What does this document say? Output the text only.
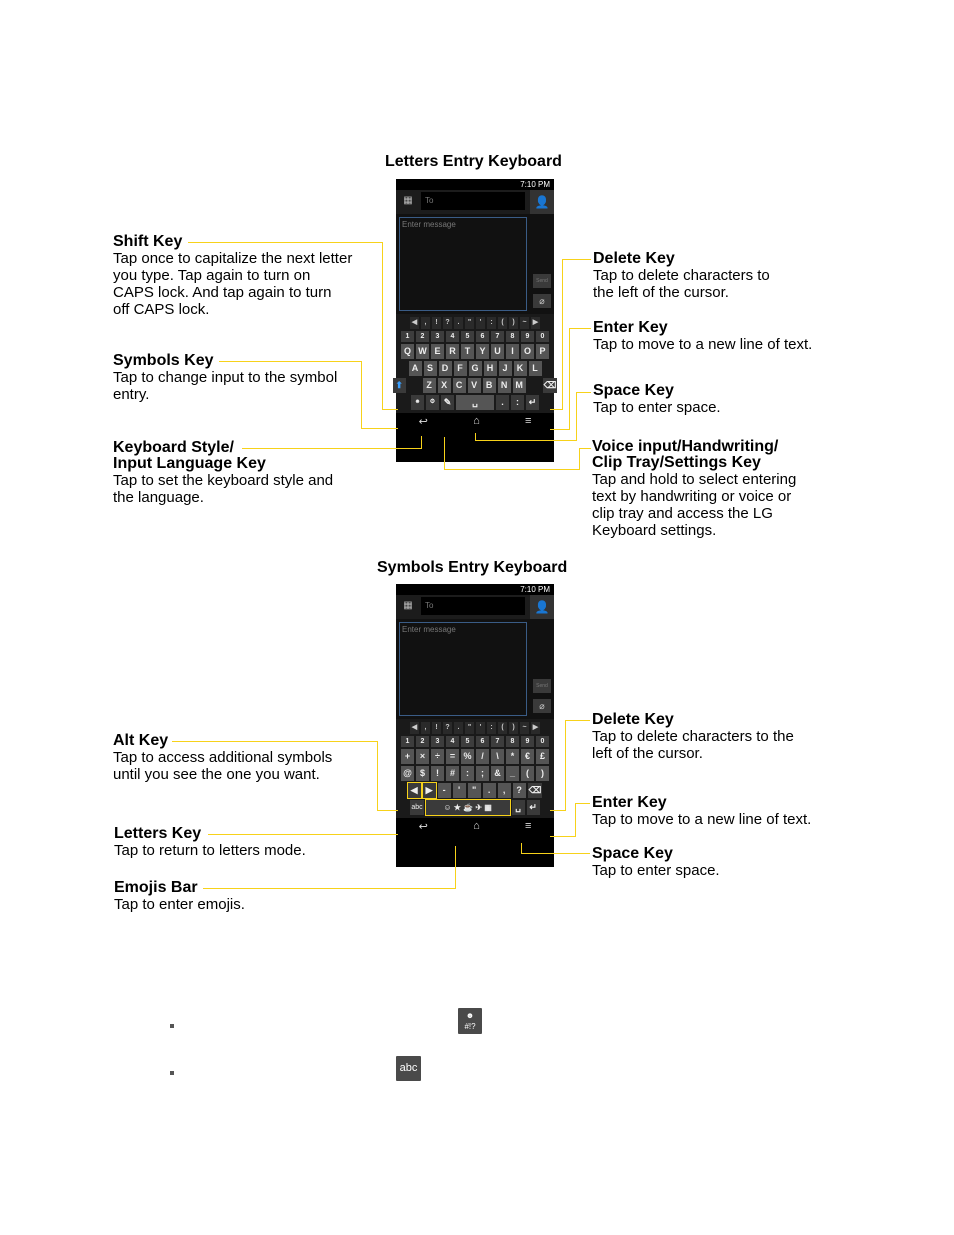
Letters Entry Keyboard
7:10 PM
▦	To	👤
Enter message
Send
⌀
◀	,	!	?	.	"	'	:	(	)	~ ▶
1	2	3	4	5	6	7	8	9	0
Q W E R	T	Y U	I	O P
A S D	F G H	J	K	L
⬆	Z	X C V B N M	⌫
☻	⚙ ✎	␣	.	:	↵
↩	⌂	≡
Shift Key
Tap once to capitalize the next letter
you type. Tap again to turn on
CAPS lock. And tap again to turn
off CAPS lock.
Symbols Key
Tap to change input to the symbol
entry.
Keyboard Style/
Input Language Key
Tap to set the keyboard style and
the language.
Delete Key
Tap to delete characters to
the left of the cursor.
Enter Key
Tap to move to a new line of text.
Space Key
Tap to enter space.
Voice input/Handwriting/
Clip Tray/Settings Key
Tap and hold to select entering
text by handwriting or voice or
clip tray and access the LG
Keyboard settings.
Symbols Entry Keyboard
7:10 PM
▦	To	👤
Enter message
Send
⌀
◀	,	!	?	.	"	'	:	(	)	~ ▶
1	2	3	4	5	6	7	8	9	0
+	×	÷	= %	/	\	*	€	£
@ $	!	#	:	;	&	_	(	)
◀ ▶	-	'	"	.	,	? ⌫
abc	☺ ★ ☕ ✈ ▦	␣ ↵
↩	⌂	≡
Alt Key
Tap to access additional symbols
until you see the one you want.
Letters Key
Tap to return to letters mode.
Emojis Bar
Tap to enter emojis.
Delete Key
Tap to delete characters to the
left of the cursor.
Enter Key
Tap to move to a new line of text.
Space Key
Tap to enter space.
☻
#!?
abc
